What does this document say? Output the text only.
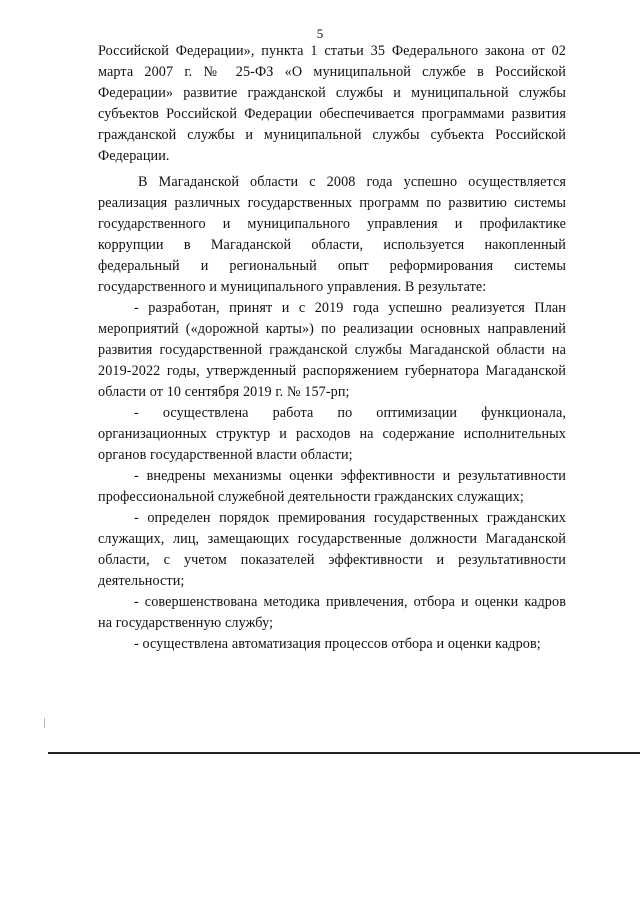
5

Российской Федерации», пункта 1 статьи 35 Федерального закона от 02 марта 2007 г. № 25-ФЗ «О муниципальной службе в Российской Федерации» развитие гражданской службы и муниципальной службы субъектов Российской Федерации обеспечивается программами развития гражданской службы и муниципальной службы субъекта Российской Федерации.

В Магаданской области с 2008 года успешно осуществляется реализация различных государственных программ по развитию системы государственного и муниципального управления и профилактике коррупции в Магаданской области, используется накопленный федеральный и региональный опыт реформирования системы государственного и муниципального управления. В результате:

- разработан, принят и с 2019 года успешно реализуется План мероприятий («дорожной карты») по реализации основных направлений развития государственной гражданской службы Магаданской области на 2019-2022 годы, утвержденный распоряжением губернатора Магаданской области от 10 сентября 2019 г. № 157-рп;

- осуществлена работа по оптимизации функционала, организационных структур и расходов на содержание исполнительных органов государственной власти области;

- внедрены механизмы оценки эффективности и результативности профессиональной служебной деятельности гражданских служащих;

- определен порядок премирования государственных гражданских служащих, лиц, замещающих государственные должности Магаданской области, с учетом показателей эффективности и результативности деятельности;

- совершенствована методика привлечения, отбора и оценки кадров на государственную службу;

- осуществлена автоматизация процессов отбора и оценки кадров;
